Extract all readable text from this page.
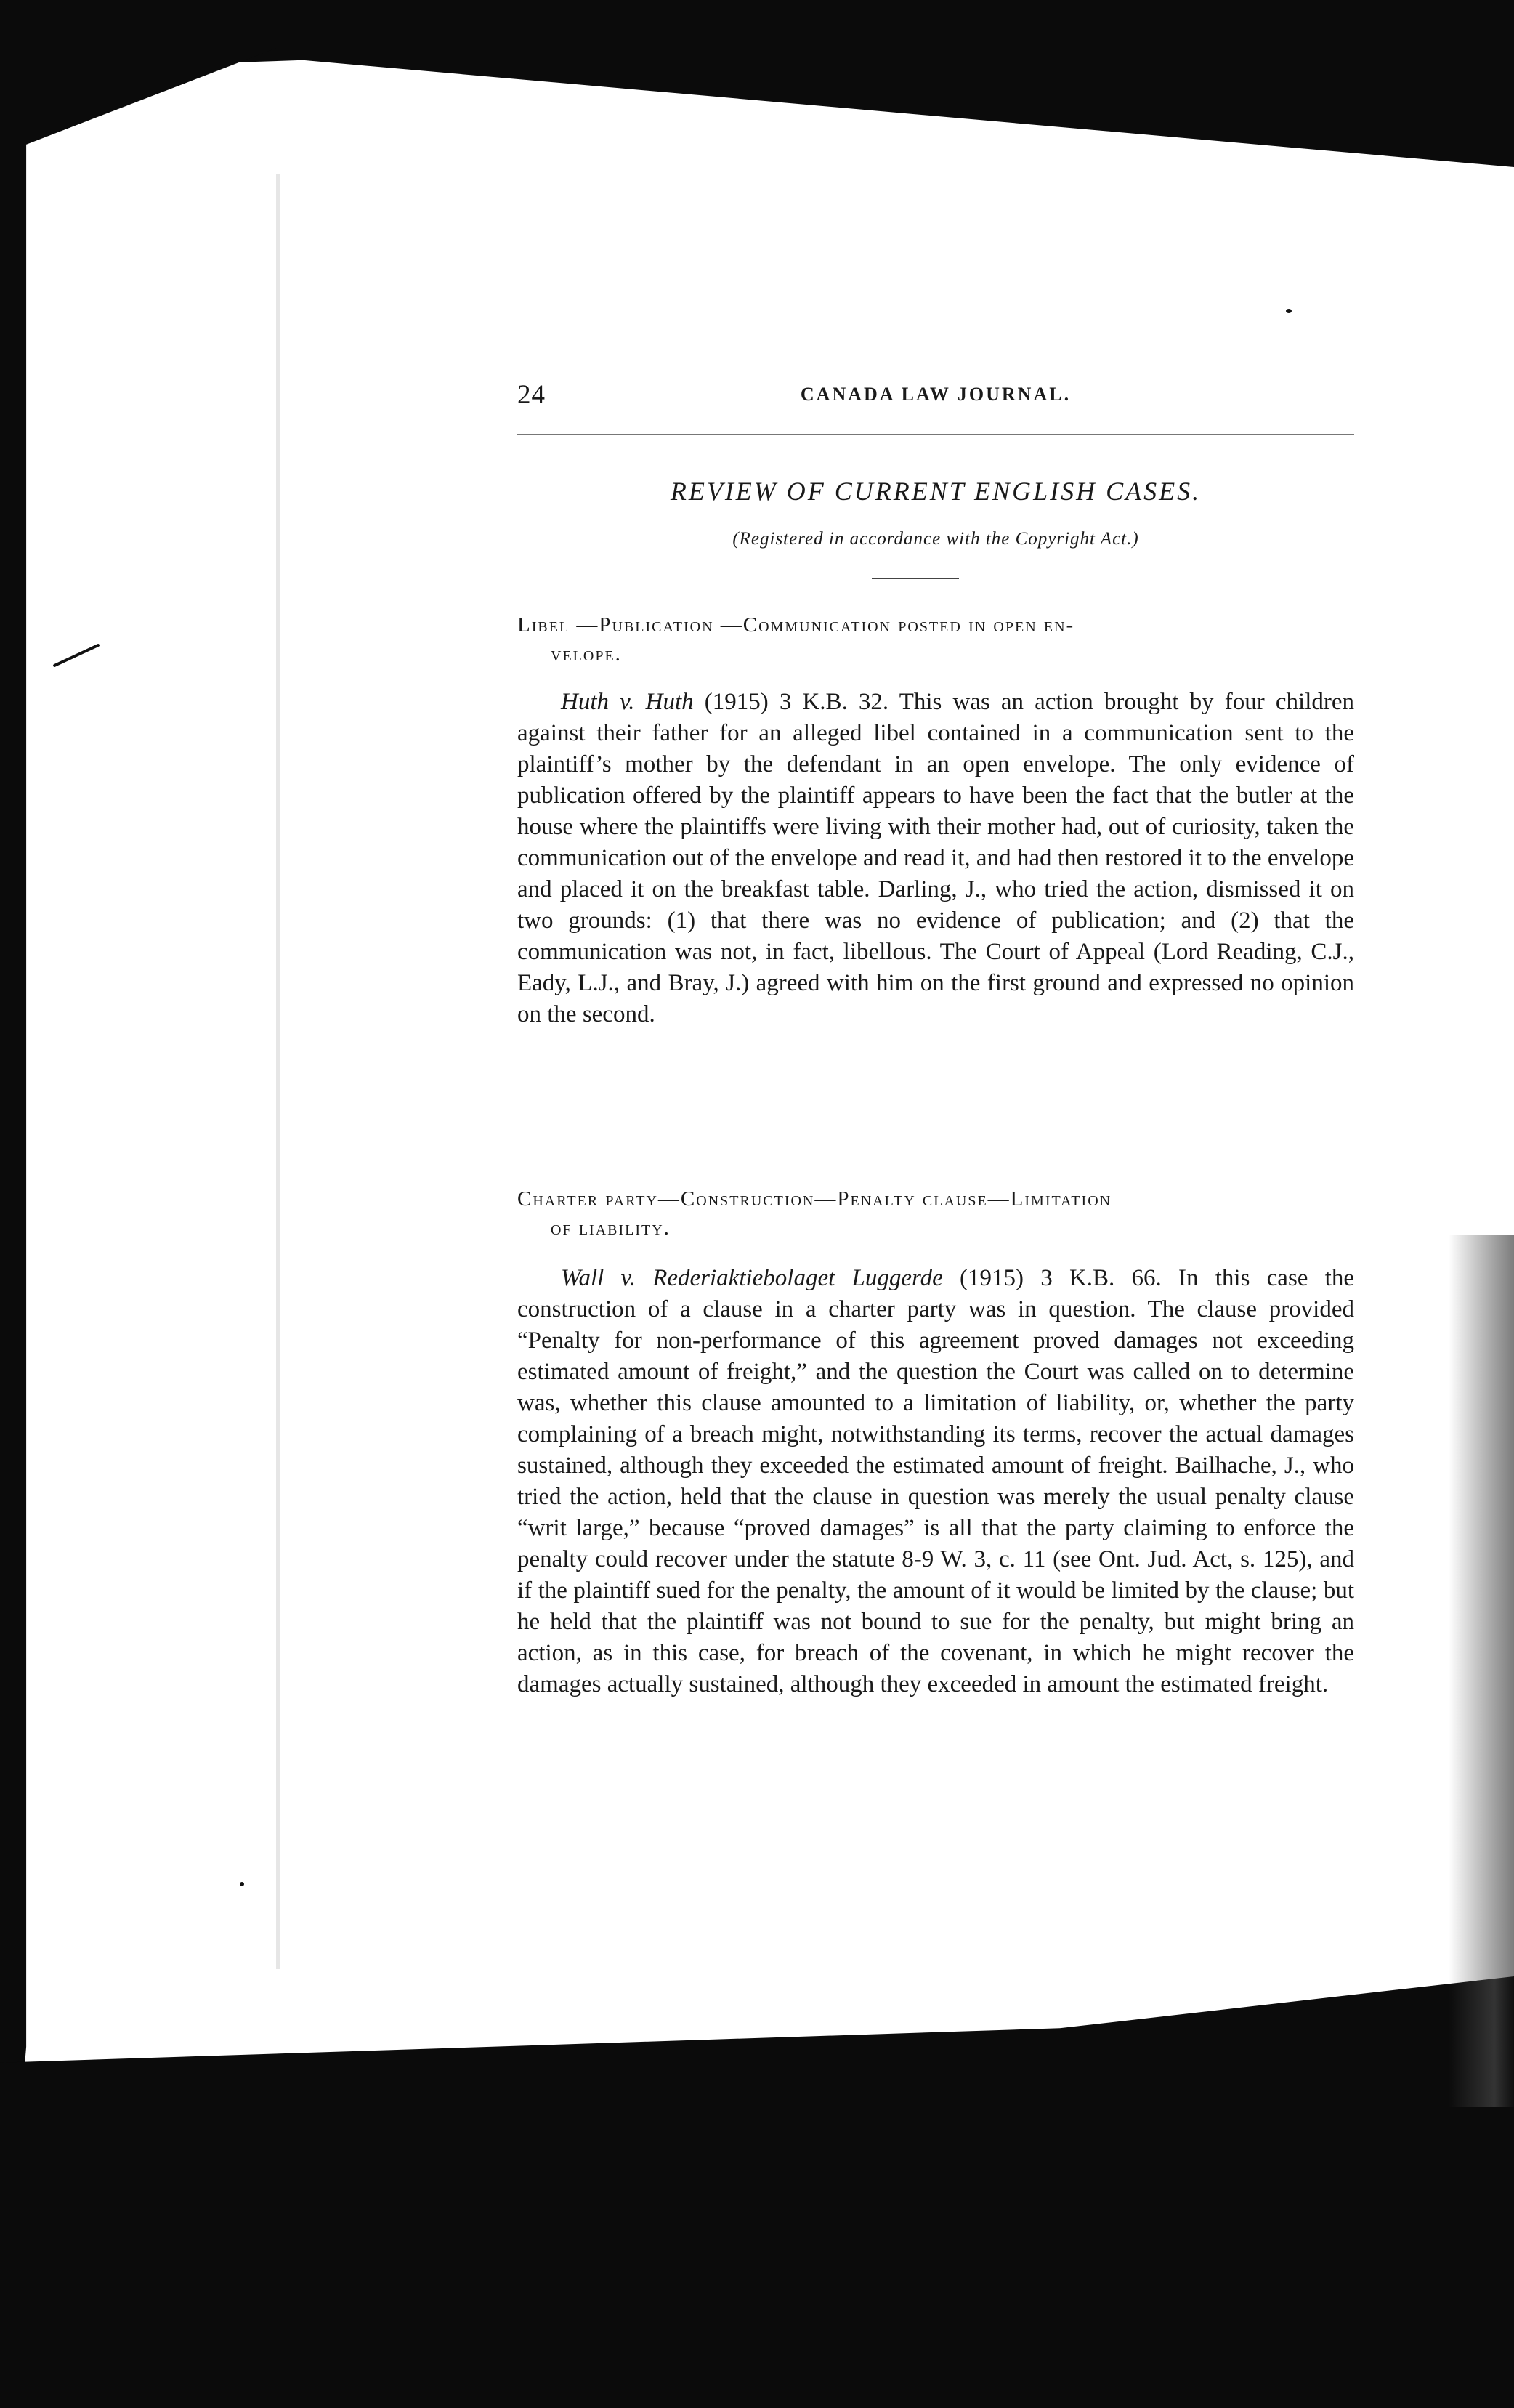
24	CANADA LAW JOURNAL.
REVIEW OF CURRENT ENGLISH CASES.
(Registered in accordance with the Copyright Act.)
Libel —Publication —Communication posted in open en-
velope.

Huth v. Huth (1915) 3 K.B. 32. This was an action brought by four children against their father for an alleged libel contained in a communication sent to the plaintiff’s mother by the defendant in an open envelope. The only evidence of publication offered by the plaintiff appears to have been the fact that the butler at the house where the plaintiffs were living with their mother had, out of curiosity, taken the communication out of the envelope and read it, and had then restored it to the envelope and placed it on the breakfast table. Darling, J., who tried the action, dismissed it on two grounds: (1) that there was no evidence of publication; and (2) that the communication was not, in fact, libellous. The Court of Appeal (Lord Reading, C.J., Eady, L.J., and Bray, J.) agreed with him on the first ground and expressed no opinion on the second.

Charter party—Construction—Penalty clause—Limitation
of liability.

Wall v. Rederiaktiebolaget Luggerde (1915) 3 K.B. 66. In this case the construction of a clause in a charter party was in question. The clause provided “Penalty for non-performance of this agreement proved damages not exceeding estimated amount of freight,” and the question the Court was called on to determine was, whether this clause amounted to a limitation of liability, or, whether the party complaining of a breach might, notwithstanding its terms, recover the actual damages sustained, although they exceeded the estimated amount of freight. Bailhache, J., who tried the action, held that the clause in question was merely the usual penalty clause “writ large,” because “proved damages” is all that the party claiming to enforce the penalty could recover under the statute 8-9 W. 3, c. 11 (see Ont. Jud. Act, s. 125), and if the plaintiff sued for the penalty, the amount of it would be limited by the clause; but he held that the plaintiff was not bound to sue for the penalty, but might bring an action, as in this case, for breach of the covenant, in which he might recover the damages actually sustained, although they exceeded in amount the estimated freight.
